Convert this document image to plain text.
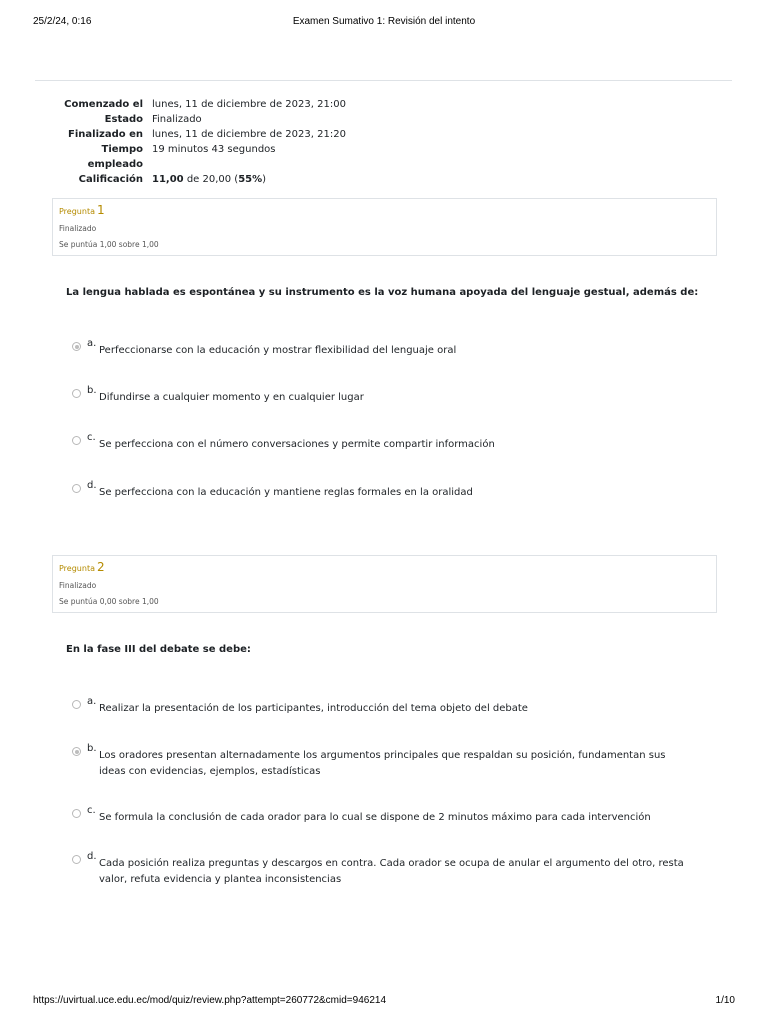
25/2/24, 0:16	Examen Sumativo 1: Revisión del intento
Comenzado el lunes, 11 de diciembre de 2023, 21:00
Estado Finalizado
Finalizado en lunes, 11 de diciembre de 2023, 21:20
Tiempo
empleado
19 minutos 43 segundos
Calificación 11,00 de 20,00 (55%)
Pregunta 1
Finalizado
Se puntúa 1,00 sobre 1,00
La lengua hablada es espontánea y su instrumento es la voz humana apoyada del lenguaje gestual, además de:
a.
Perfeccionarse con la educación y mostrar flexibilidad del lenguaje oral
b.
Difundirse a cualquier momento y en cualquier lugar
c.
Se perfecciona con el número conversaciones y permite compartir información
d.
Se perfecciona con la educación y mantiene reglas formales en la oralidad
Pregunta 2
Finalizado
Se puntúa 0,00 sobre 1,00
En la fase III del debate se debe:
a.
Realizar la presentación de los participantes, introducción del tema objeto del debate
b.
Los oradores presentan alternadamente los argumentos principales que respaldan su posición, fundamentan sus ideas con evidencias, ejemplos, estadísticas
c.
Se formula la conclusión de cada orador para lo cual se dispone de 2 minutos máximo para cada intervención
d.
Cada posición realiza preguntas y descargos en contra. Cada orador se ocupa de anular el argumento del otro, resta valor, refuta evidencia y plantea inconsistencias
https://uvirtual.uce.edu.ec/mod/quiz/review.php?attempt=260772&cmid=946214	1/10
